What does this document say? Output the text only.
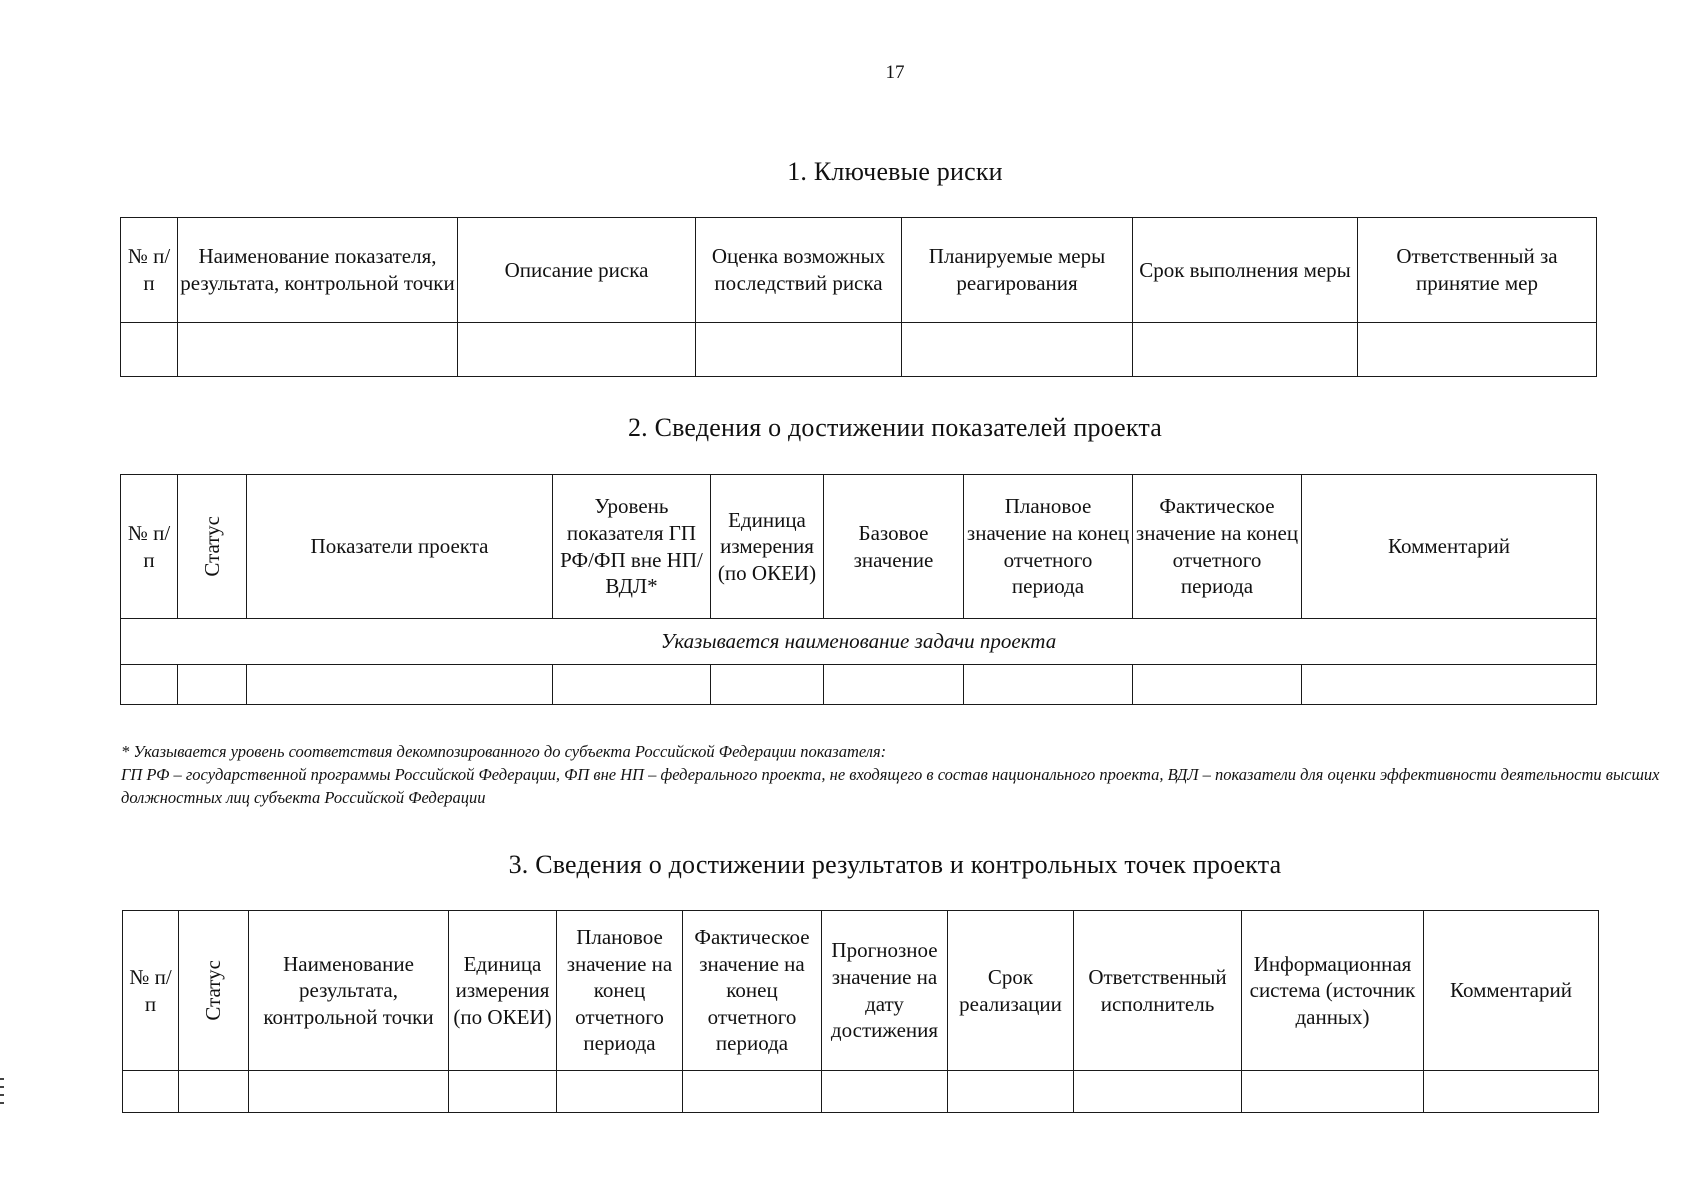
17
1. Ключевые риски
№ п/п	Наименование показателя, результата, контрольной точки	Описание риска	Оценка возможных последствий риска	Планируемые меры реагирования	Срок выполнения меры	Ответственный за принятие мер

2. Сведения о достижении показателей проекта
№ п/п	Статус	Показатели проекта	Уровень показателя ГП РФ/ФП вне НП/ВДЛ*	Единица измерения (по ОКЕИ)	Базовое значение	Плановое значение на конец отчетного периода	Фактическое значение на конец отчетного периода	Комментарий
Указывается наименование задачи проекта								

* Указывается уровень соответствия декомпозированного до субъекта Российской Федерации показателя:

ГП РФ – государственной программы Российской Федерации, ФП вне НП – федерального проекта, не входящего в состав национального проекта, ВДЛ – показатели для оценки эффективности деятельности высших должностных лиц субъекта Российской Федерации

3. Сведения о достижении результатов и контрольных точек проекта
№ п/п	Статус	Наименование результата, контрольной точки	Единица измерения (по ОКЕИ)	Плановое значение на конец отчетного периода	Фактическое значение на конец отчетного периода	Прогнозное значение на дату достижения	Срок реализации	Ответственный исполнитель	Информационная система (источник данных)	Комментарий
